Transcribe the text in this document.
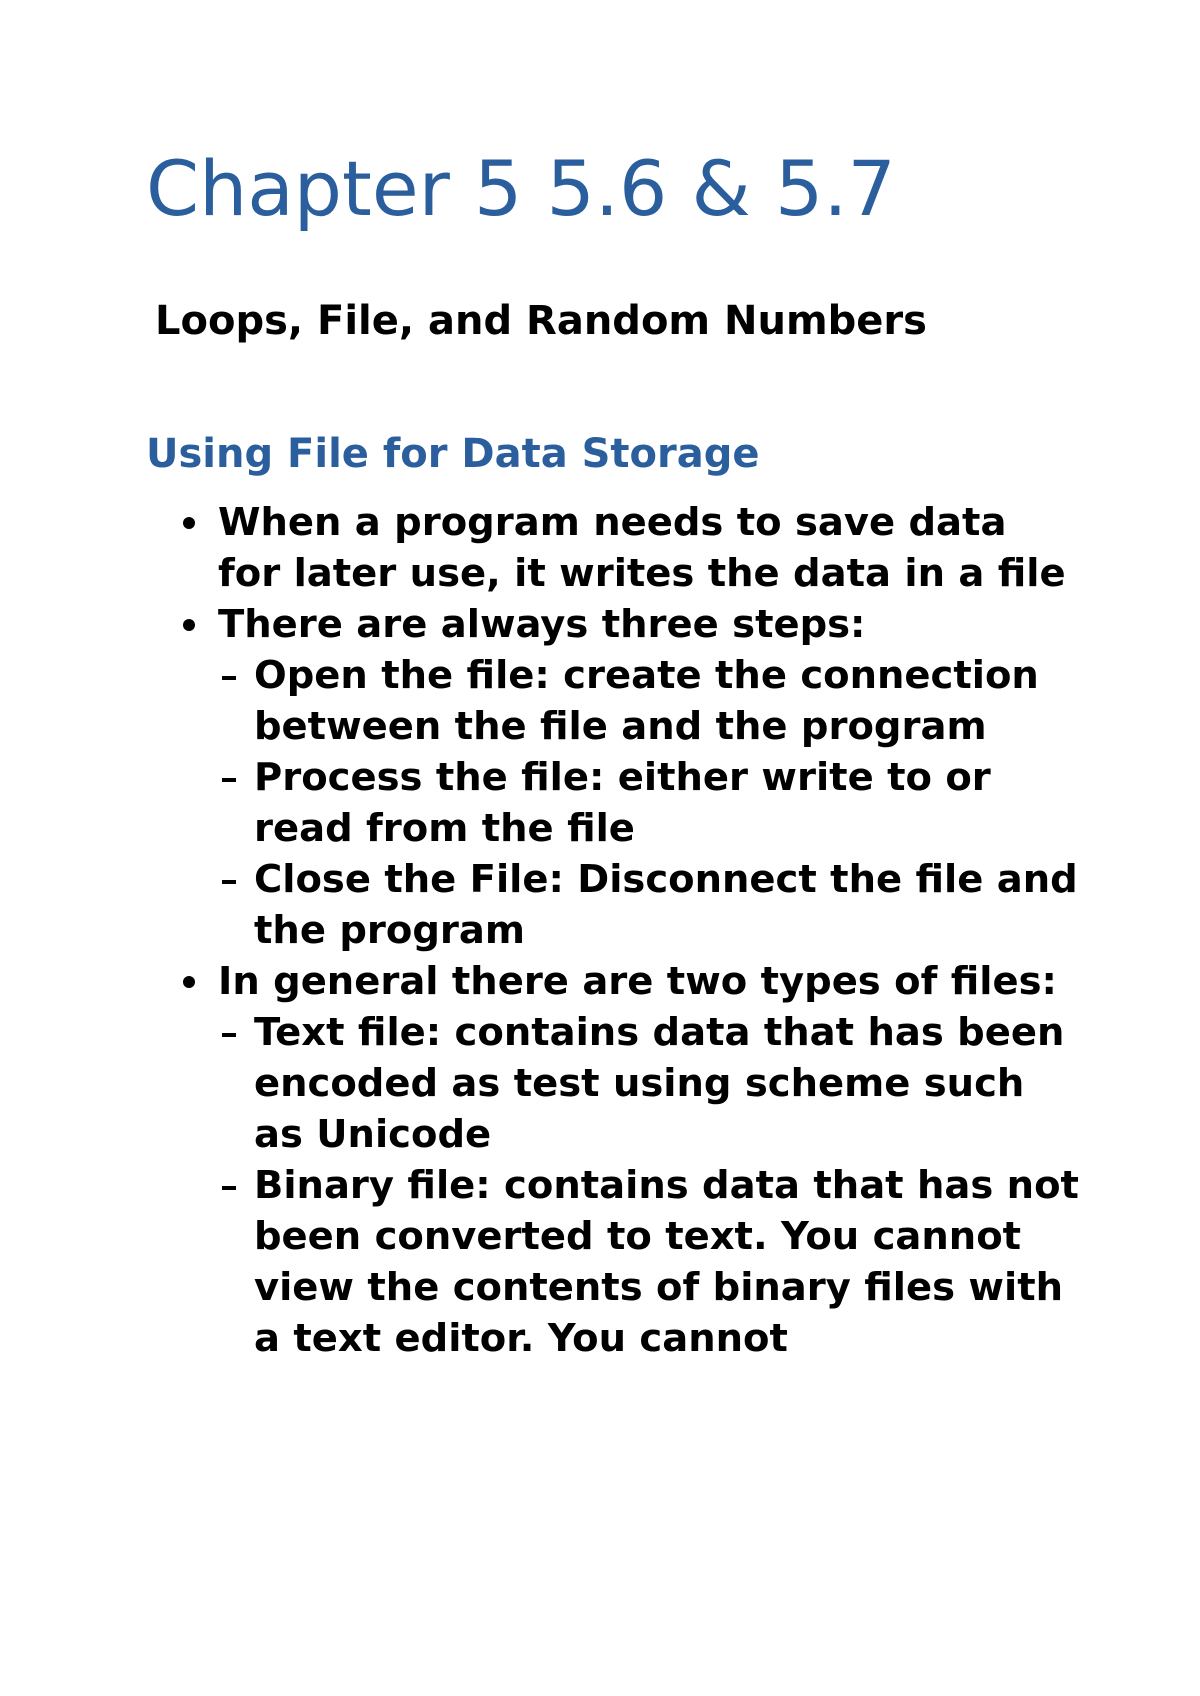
Chapter 5 5.6 & 5.7
Loops, File, and Random Numbers
Using File for Data Storage
When a program needs to save data for later use, it writes the data in a file
There are always three steps:
Open the file: create the connection between the file and the program
Process the file: either write to or read from the file
Close the File: Disconnect the file and the program
In general there are two types of files:
Text file: contains data that has been encoded as test using scheme such as Unicode
Binary file: contains data that has not been converted to text. You cannot view the contents of binary files with a text editor. You cannot
